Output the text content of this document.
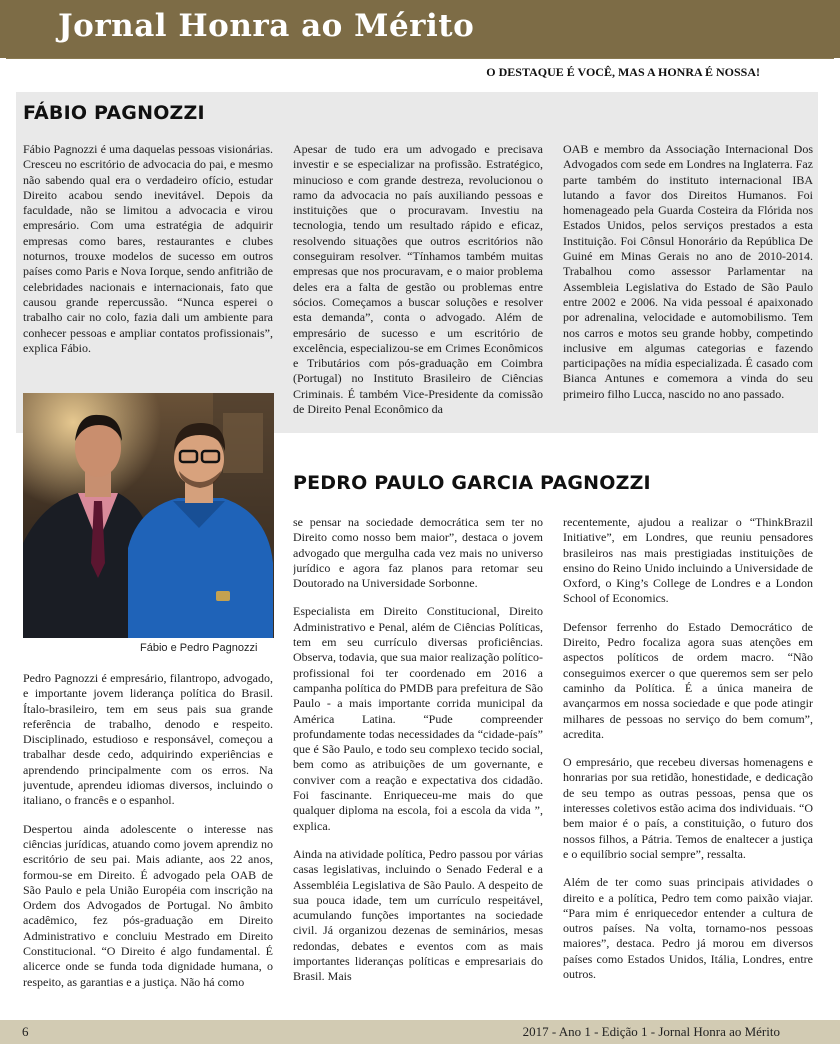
Jornal Honra ao Mérito
O DESTAQUE É VOCÊ, MAS A HONRA É NOSSA!
FÁBIO PAGNOZZI

Fábio Pagnozzi é uma daquelas pessoas visionárias. Cresceu no escritório de advocacia do pai, e mesmo não sabendo qual era o verdadeiro ofício, estudar Direito acabou sendo inevitável. Depois da faculdade, não se limitou a advocacia e virou empresário. Com uma estratégia de adquirir empresas como bares, restaurantes e clubes noturnos, trouxe modelos de sucesso em outros países como Paris e Nova Iorque, sendo anfitrião de celebridades nacionais e internacionais, fato que causou grande repercussão. “Nunca esperei o trabalho cair no colo, fazia dali um ambiente para conhecer pessoas e ampliar contatos profissionais”, explica Fábio.

Apesar de tudo era um advogado e precisava investir e se especializar na profissão. Estratégico, minucioso e com grande destreza, revolucionou o ramo da advocacia no país auxiliando pessoas e instituições que o procuravam. Investiu na tecnologia, tendo um resultado rápido e eficaz, resolvendo situações que outros escritórios não conseguiram resolver. “Tínhamos também muitas empresas que nos procuravam, e o maior problema deles era a falta de gestão ou problemas entre sócios. Começamos a buscar soluções e resolver esta demanda”, conta o advogado. Além de empresário de sucesso e um escritório de excelência, especializou-se em Crimes Econômicos e Tributários com pós-graduação em Coimbra (Portugal) no Instituto Brasileiro de Ciências Criminais. É também Vice-Presidente da comissão de Direito Penal Econômico da

OAB e membro da Associação Internacional Dos Advogados com sede em Londres na Inglaterra. Faz parte também do instituto internacional IBA lutando a favor dos Direitos Humanos. Foi homenageado pela Guarda Costeira da Flórida nos Estados Unidos, pelos serviços prestados a esta Instituição. Foi Cônsul Honorário da República De Guiné em Minas Gerais no ano de 2010-2014. Trabalhou como assessor Parlamentar na Assembleia Legislativa do Estado de São Paulo entre 2002 e 2006. Na vida pessoal é apaixonado por adrenalina, velocidade e automobilismo. Tem nos carros e motos seu grande hobby, competindo inclusive em algumas categorias e fazendo participações na mídia especializada. É casado com Bianca Antunes e comemora a vinda do seu primeiro filho Lucca, nascido no ano passado.

Fábio e Pedro Pagnozzi
PEDRO PAULO GARCIA PAGNOZZI

Pedro Pagnozzi é empresário, filantropo, advogado, e importante jovem liderança política do Brasil. Ítalo-brasileiro, tem em seus pais sua grande referência de trabalho, denodo e respeito. Disciplinado, estudioso e responsável, começou a trabalhar desde cedo, adquirindo experiências e aprendendo principalmente com os erros. Na juventude, aprendeu idiomas diversos, incluindo o italiano, o francês e o espanhol.

Despertou ainda adolescente o interesse nas ciências jurídicas, atuando como jovem aprendiz no escritório de seu pai. Mais adiante, aos 22 anos, formou-se em Direito. É advogado pela OAB de São Paulo e pela União Européia com inscrição na Ordem dos Advogados de Portugal. No âmbito acadêmico, fez pós-graduação em Direito Administrativo e concluiu Mestrado em Direito Constitucional. “O Direito é algo fundamental. É alicerce onde se funda toda dignidade humana, o respeito, as garantias e a justiça. Não há como

se pensar na sociedade democrática sem ter no Direito como nosso bem maior”, destaca o jovem advogado que mergulha cada vez mais no universo jurídico e agora faz planos para retomar seu Doutorado na Universidade Sorbonne.

Especialista em Direito Constitucional, Direito Administrativo e Penal, além de Ciências Políticas, tem em seu currículo diversas proficiências. Observa, todavia, que sua maior realização político-profissional foi ter coordenado em 2016 a campanha política do PMDB para prefeitura de São Paulo - a mais importante corrida municipal da América Latina. “Pude compreender profundamente todas necessidades da “cidade-país” que é São Paulo, e todo seu complexo tecido social, bem como as atribuições de um governante, e conviver com a reação e expectativa dos cidadão. Foi fascinante. Enriqueceu-me mais do que qualquer diploma na escola, foi a escola da vida ”, explica.

Ainda na atividade política, Pedro passou por várias casas legislativas, incluindo o Senado Federal e a Assembléia Legislativa de São Paulo. A despeito de sua pouca idade, tem um currículo respeitável, acumulando funções importantes na sociedade civil. Já organizou dezenas de seminários, mesas redondas, debates e eventos com as mais importantes lideranças políticas e empresariais do Brasil. Mais

recentemente, ajudou a realizar o “ThinkBrazil Initiative”, em Londres, que reuniu pensadores brasileiros nas mais prestigiadas instituições de ensino do Reino Unido incluindo a Universidade de Oxford, o King’s College de Londres e a London School of Economics.

Defensor ferrenho do Estado Democrático de Direito, Pedro focaliza agora suas atenções em aspectos políticos de ordem macro. “Não conseguimos exercer o que queremos sem ser pelo caminho da Política. É a única maneira de avançarmos em nossa sociedade e que pode atingir milhares de pessoas no serviço do bem comum”, acredita.

O empresário, que recebeu diversas homenagens e honrarias por sua retidão, honestidade, e dedicação de seu tempo as outras pessoas, pensa que os interesses coletivos estão acima dos individuais. “O bem maior é o país, a constituição, o futuro dos nossos filhos, a Pátria. Temos de enaltecer a justiça e o equilíbrio social sempre”, ressalta.

Além de ter como suas principais atividades o direito e a política, Pedro tem como paixão viajar. “Para mim é enriquecedor entender a cultura de outros países. Na volta, tornamo-nos pessoas maiores”, destaca. Pedro já morou em diversos países como Estados Unidos, Itália, Londres, entre outros.

6	2017 - Ano 1 - Edição 1 - Jornal Honra ao Mérito
